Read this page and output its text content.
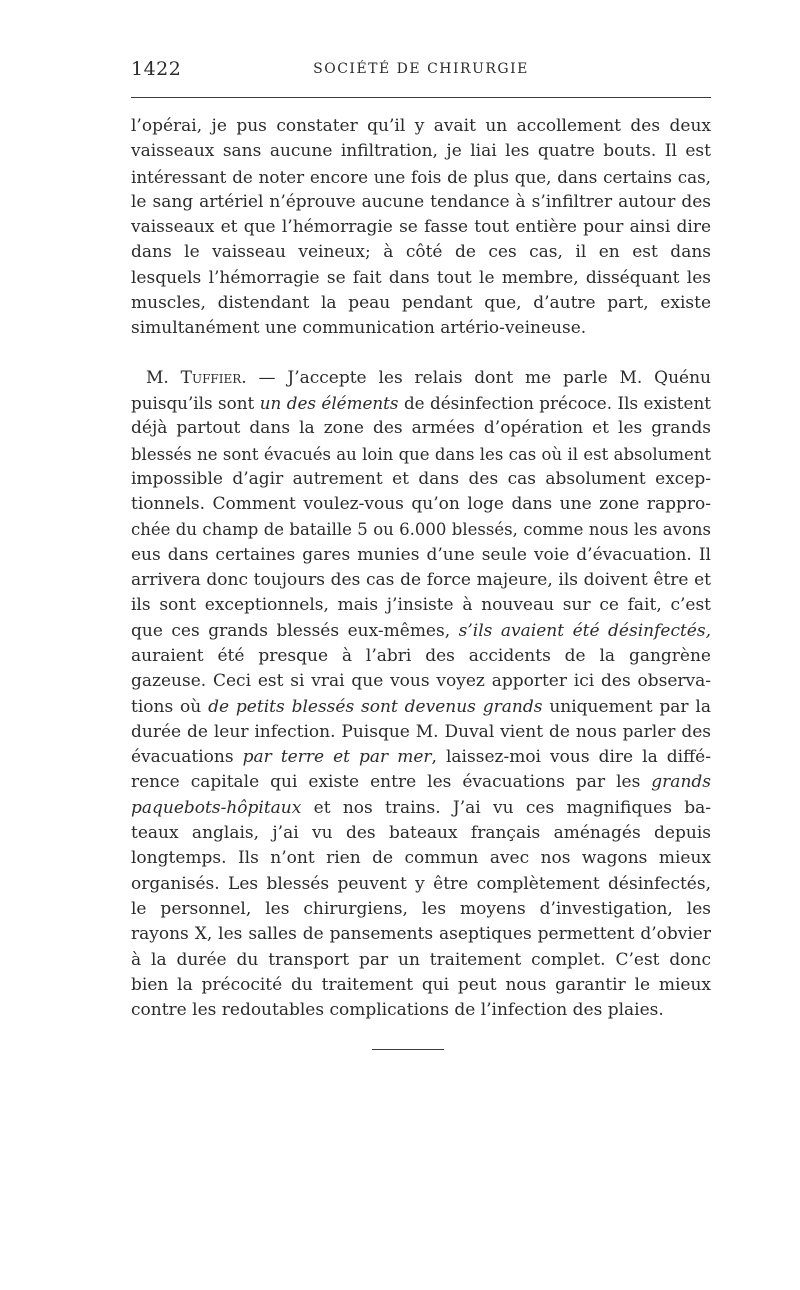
1422	SOCIÉTÉ DE CHIRURGIE
l’opérai, je pus constater qu’il y avait un accollement des deux
vaisseaux sans aucune infiltration, je liai les quatre bouts. Il est
intéressant de noter encore une fois de plus que, dans certains cas,
le sang artériel n’éprouve aucune tendance à s’infiltrer autour des
vaisseaux et que l’hémorragie se fasse tout entière pour ainsi dire
dans le vaisseau veineux; à côté de ces cas, il en est dans
lesquels l’hémorragie se fait dans tout le membre, disséquant les
muscles, distendant la peau pendant que, d’autre part, existe
simultanément une communication artério-veineuse.
M. Tuffier. — J’accepte les relais dont me parle M. Quénu
puisqu’ils sont un des éléments de désinfection précoce. Ils existent
déjà partout dans la zone des armées d’opération et les grands
blessés ne sont évacués au loin que dans les cas où il est absolument
impossible d’agir autrement et dans des cas absolument excep-
tionnels. Comment voulez-vous qu’on loge dans une zone rappro-
chée du champ de bataille 5 ou 6.000 blessés, comme nous les avons
eus dans certaines gares munies d’une seule voie d’évacuation. Il
arrivera donc toujours des cas de force majeure, ils doivent être et
ils sont exceptionnels, mais j’insiste à nouveau sur ce fait, c’est
que ces grands blessés eux-mêmes, s’ils avaient été désinfectés,
auraient été presque à l’abri des accidents de la gangrène
gazeuse. Ceci est si vrai que vous voyez apporter ici des observa-
tions où de petits blessés sont devenus grands uniquement par la
durée de leur infection. Puisque M. Duval vient de nous parler des
évacuations par terre et par mer, laissez-moi vous dire la diffé-
rence capitale qui existe entre les évacuations par les grands
paquebots-hôpitaux et nos trains. J’ai vu ces magnifiques ba-
teaux anglais, j’ai vu des bateaux français aménagés depuis
longtemps. Ils n’ont rien de commun avec nos wagons mieux
organisés. Les blessés peuvent y être complètement désinfectés,
le personnel, les chirurgiens, les moyens d’investigation, les
rayons X, les salles de pansements aseptiques permettent d’obvier
à la durée du transport par un traitement complet. C’est donc
bien la précocité du traitement qui peut nous garantir le mieux
contre les redoutables complications de l’infection des plaies.
